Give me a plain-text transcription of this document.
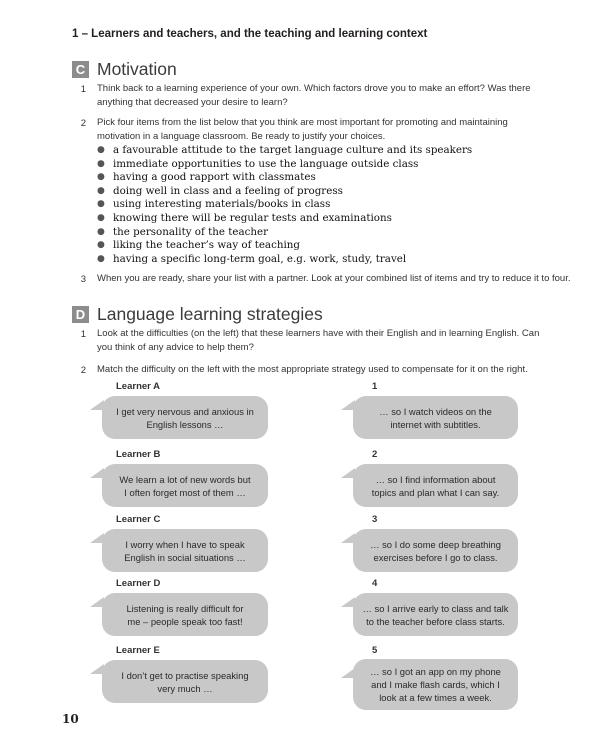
1 – Learners and teachers, and the teaching and learning context
C Motivation
1 Think back to a learning experience of your own. Which factors drove you to make an effort? Was there
anything that decreased your desire to learn?
2 Pick four items from the list below that you think are most important for promoting and maintaining
motivation in a language classroom. Be ready to justify your choices.
● a favourable attitude to the target language culture and its speakers
● immediate opportunities to use the language outside class
● having a good rapport with classmates
● doing well in class and a feeling of progress
● using interesting materials/books in class
● knowing there will be regular tests and examinations
● the personality of the teacher
● liking the teacher’s way of teaching
● having a specific long-term goal, e.g. work, study, travel
3 When you are ready, share your list with a partner. Look at your combined list of items and try to reduce it to four.
D Language learning strategies
1 Look at the difficulties (on the left) that these learners have with their English and in learning English. Can
you think of any advice to help them?
2 Match the difficulty on the left with the most appropriate strategy used to compensate for it on the right.
Learner A
I get very nervous and anxious in
English lessons …
1
… so I watch videos on the
internet with subtitles.
Learner B
We learn a lot of new words but
I often forget most of them …
2
… so I find information about
topics and plan what I can say.
Learner C
I worry when I have to speak
English in social situations …
3
… so I do some deep breathing
exercises before I go to class.
Learner D
Listening is really difficult for
me – people speak too fast!
4
… so I arrive early to class and talk
to the teacher before class starts.
Learner E
I don’t get to practise speaking
very much …
5
… so I got an app on my phone
and I make flash cards, which I
look at a few times a week.
10
